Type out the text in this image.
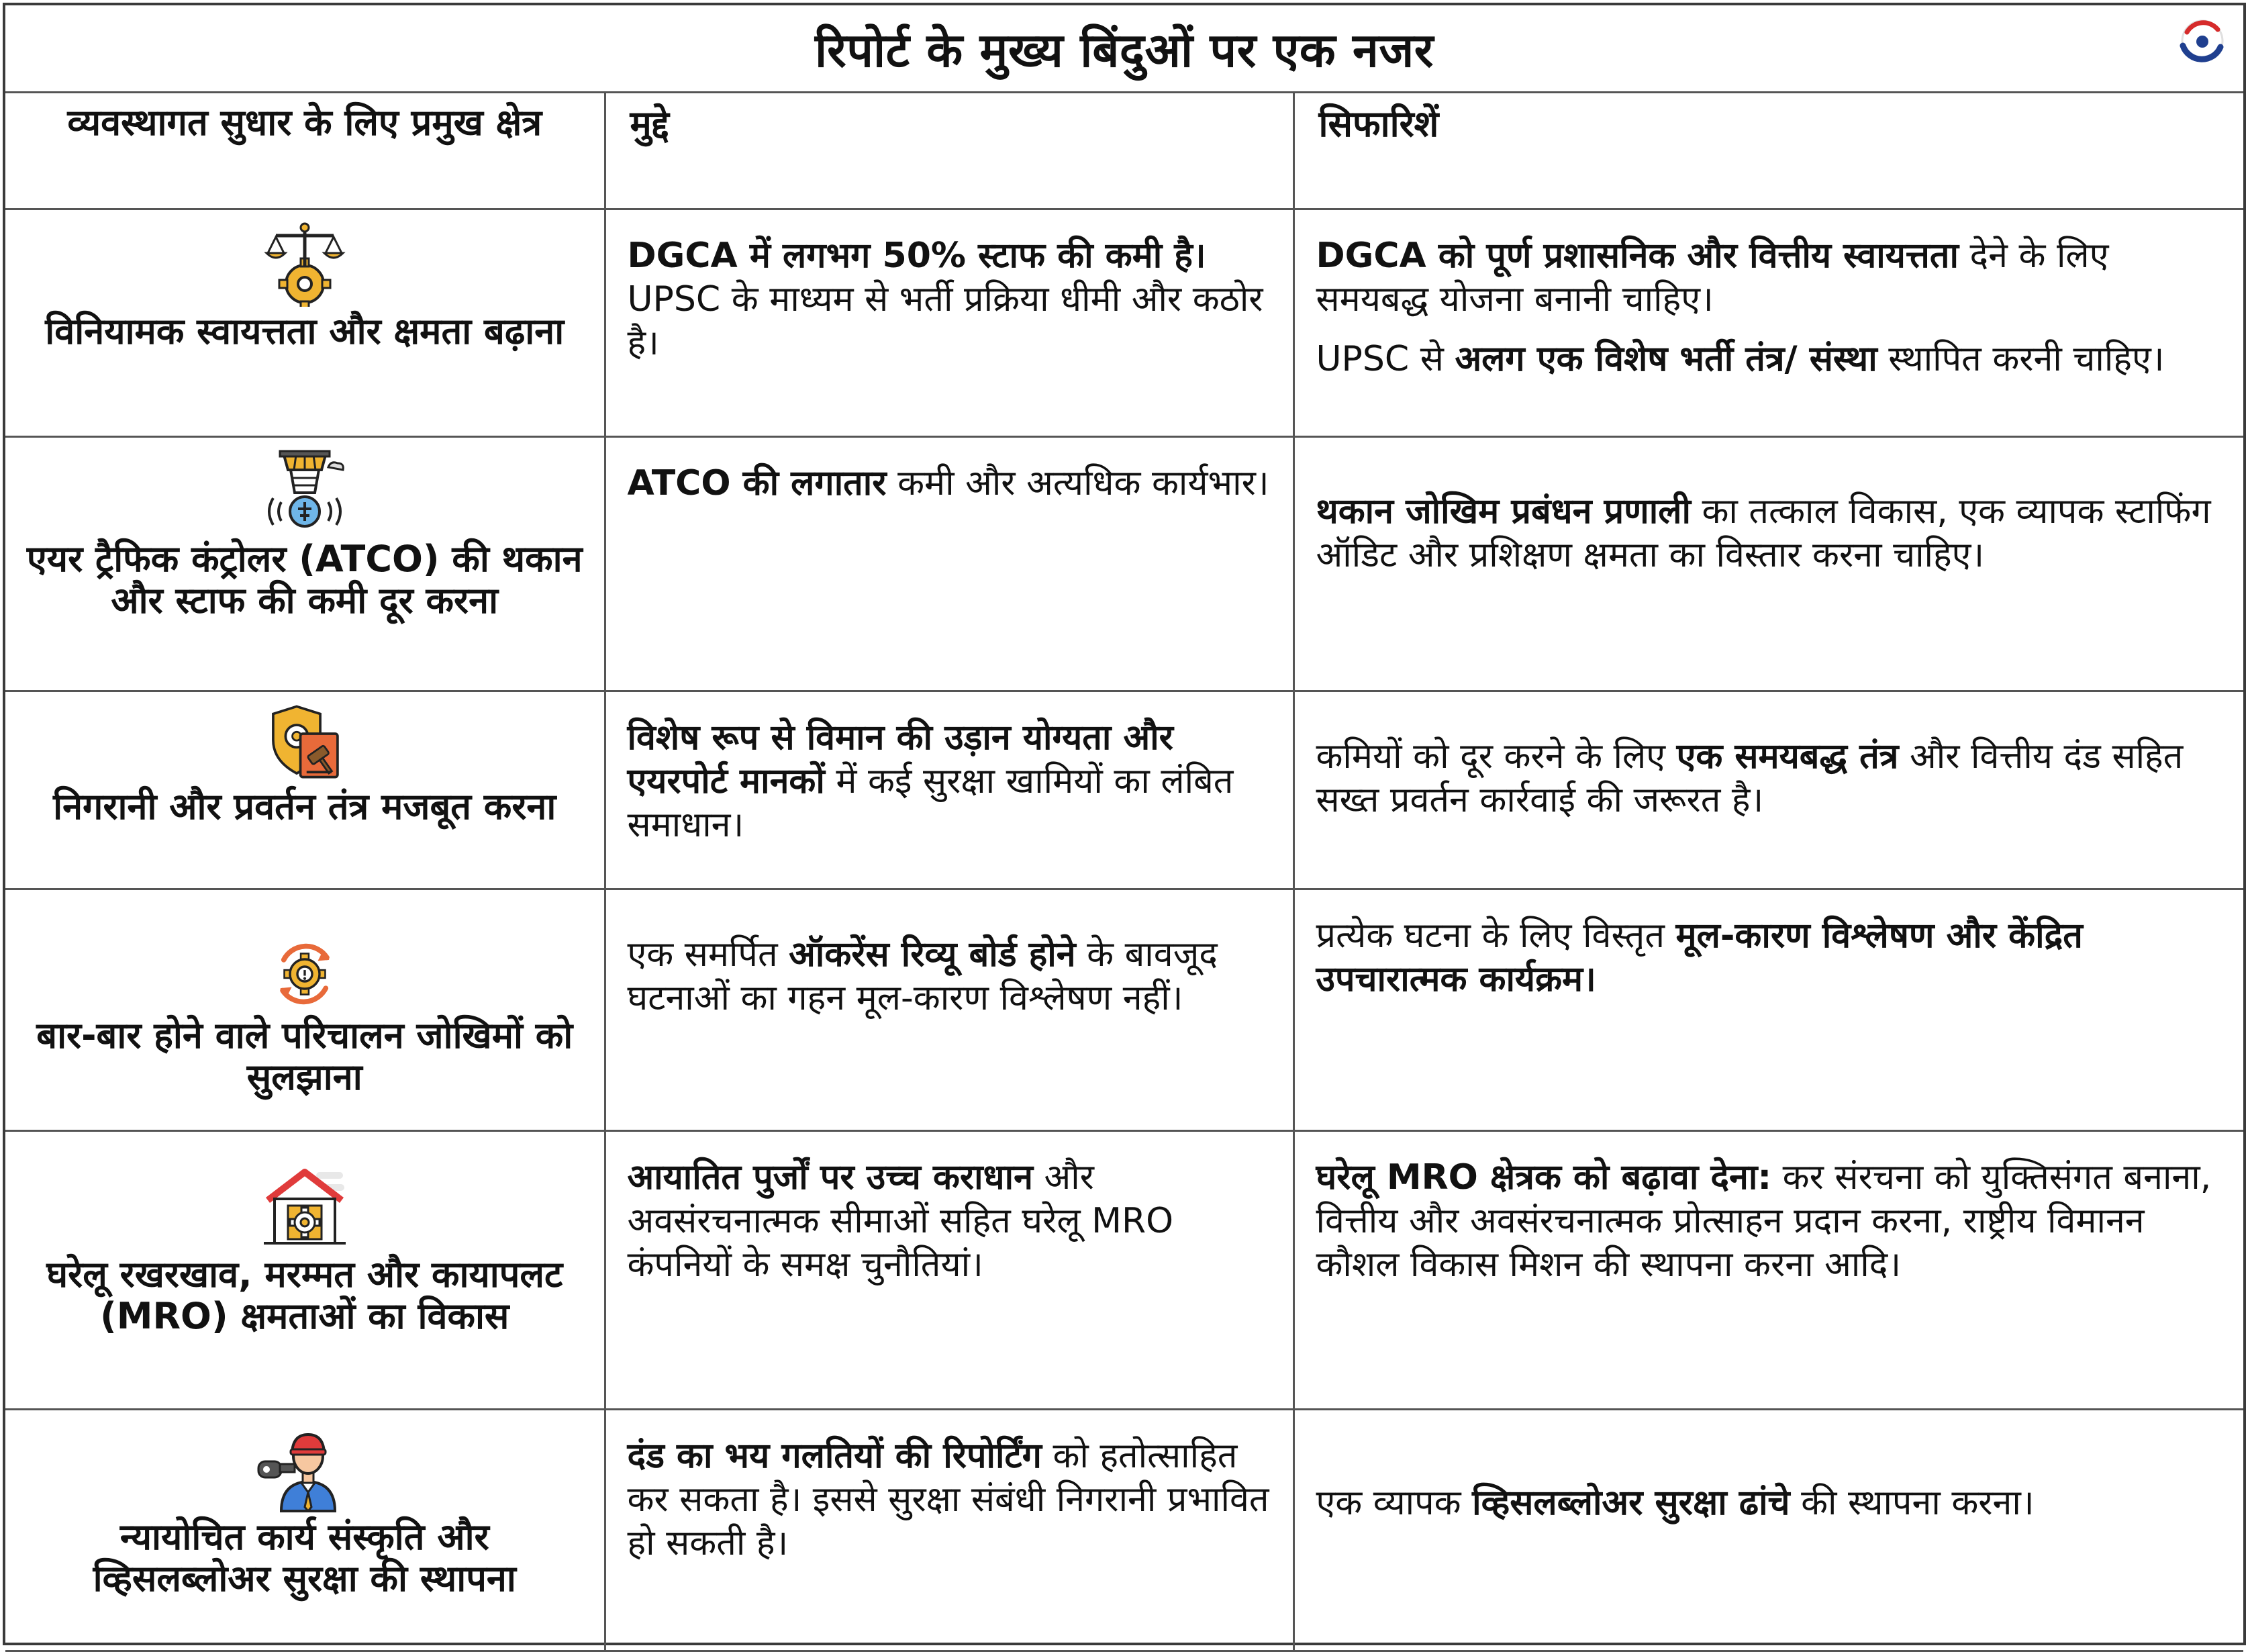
रिपोर्ट के मुख्य बिंदुओं पर एक नजर
व्यवस्थागत सुधार के लिए प्रमुख क्षेत्र	मुद्दे	सिफारिशें

विनियामक स्वायत्तता और क्षमता बढ़ाना	DGCA में लगभग 50% स्टाफ की कमी है। UPSC के माध्यम से भर्ती प्रक्रिया धीमी और कठोर है।	DGCA को पूर्ण प्रशासनिक और वित्तीय स्वायत्तता देने के लिए समयबद्ध योजना बनानी चाहिए।
UPSC से अलग एक विशेष भर्ती तंत्र/ संस्था स्थापित करनी चाहिए।

एयर ट्रैफिक कंट्रोलर (ATCO) की थकान और स्टाफ की कमी दूर करना	ATCO की लगातार कमी और अत्यधिक कार्यभार।	थकान जोखिम प्रबंधन प्रणाली का तत्काल विकास, एक व्यापक स्टाफिंग ऑडिट और प्रशिक्षण क्षमता का विस्तार करना चाहिए।

निगरानी और प्रवर्तन तंत्र मजबूत करना	विशेष रूप से विमान की उड़ान योग्यता और एयरपोर्ट मानकों में कई सुरक्षा खामियों का लंबित समाधान।	कमियों को दूर करने के लिए एक समयबद्ध तंत्र और वित्तीय दंड सहित सख्त प्रवर्तन कार्रवाई की जरूरत है।

बार-बार होने वाले परिचालन जोखिमों को सुलझाना	एक समर्पित ऑकरेंस रिव्यू बोर्ड होने के बावजूद घटनाओं का गहन मूल-कारण विश्लेषण नहीं।	प्रत्येक घटना के लिए विस्तृत मूल-कारण विश्लेषण और केंद्रित उपचारात्मक कार्यक्रम।

घरेलू रखरखाव, मरम्मत और कायापलट (MRO) क्षमताओं का विकास	आयातित पुर्जों पर उच्च कराधान और अवसंरचनात्मक सीमाओं सहित घरेलू MRO कंपनियों के समक्ष चुनौतियां।	घरेलू MRO क्षेत्रक को बढ़ावा देना: कर संरचना को युक्तिसंगत बनाना, वित्तीय और अवसंरचनात्मक प्रोत्साहन प्रदान करना, राष्ट्रीय विमानन कौशल विकास मिशन की स्थापना करना आदि।

न्यायोचित कार्य संस्कृति और व्हिसलब्लोअर सुरक्षा की स्थापना	दंड का भय गलतियों की रिपोर्टिंग को हतोत्साहित कर सकता है। इससे सुरक्षा संबंधी निगरानी प्रभावित हो सकती है।	एक व्यापक व्हिसलब्लोअर सुरक्षा ढांचे की स्थापना करना।
